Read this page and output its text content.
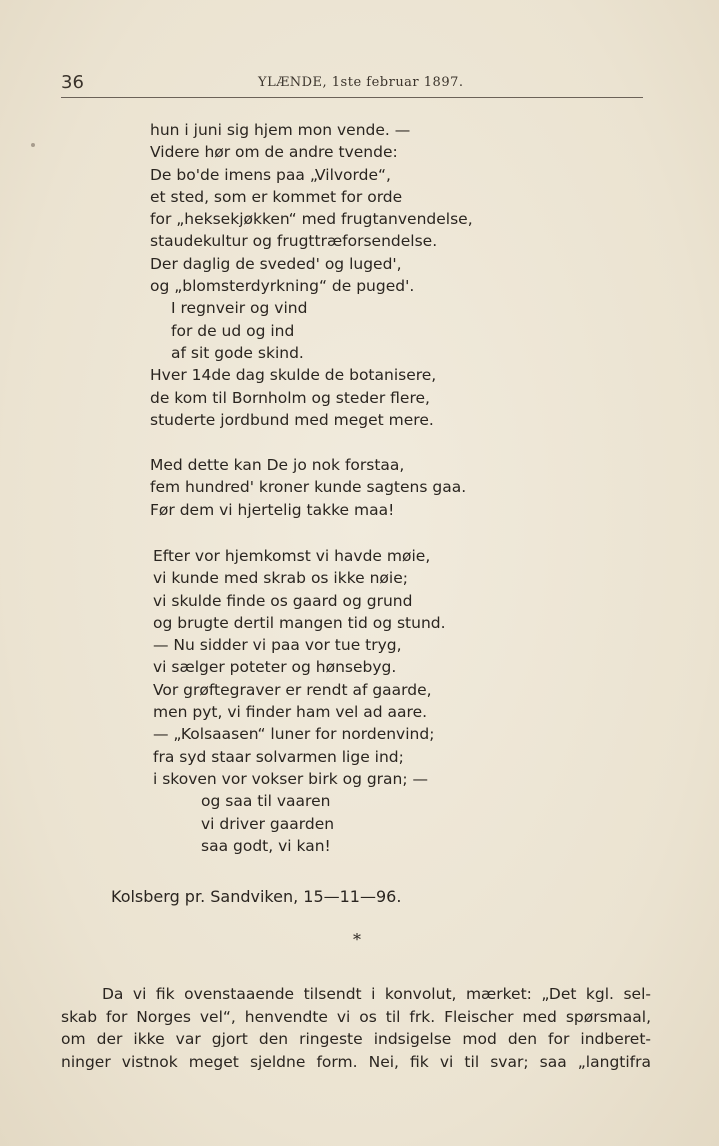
36	YLÆNDE, 1ste februar 1897.
hun i juni sig hjem mon vende. —
Videre hør om de andre tvende:
De bo'de imens paa „Vilvorde“,
et sted, som er kommet for orde
for „heksekjøkken“ med frugtanvendelse,
staudekultur og frugttræforsendelse.
Der daglig de sveded' og luged',
og „blomsterdyrkning“ de puged'.
I regnveir og vind
for de ud og ind
af sit gode skind.
Hver 14de dag skulde de botanisere,
de kom til Bornholm og steder flere,
studerte jordbund med meget mere.
Med dette kan De jo nok forstaa,
fem hundred' kroner kunde sagtens gaa.
Før dem vi hjertelig takke maa!
Efter vor hjemkomst vi havde møie,
vi kunde med skrab os ikke nøie;
vi skulde finde os gaard og grund
og brugte dertil mangen tid og stund.
— Nu sidder vi paa vor tue tryg,
vi sælger poteter og hønsebyg.
Vor grøftegraver er rendt af gaarde,
men pyt, vi finder ham vel ad aare.
— „Kolsaasen“ luner for nordenvind;
fra syd staar solvarmen lige ind;
i skoven vor vokser birk og gran; —
og saa til vaaren
vi driver gaarden
saa godt, vi kan!
Kolsberg pr. Sandviken, 15—11—96.
*
Da vi fik ovenstaaende tilsendt i konvolut, mærket: „Det kgl. sel-
skab for Norges vel“, henvendte vi os til frk. Fleischer med spørsmaal,
om der ikke var gjort den ringeste indsigelse mod den for indberet-
ninger vistnok meget sjeldne form. Nei, fik vi til svar; saa „langtifra
